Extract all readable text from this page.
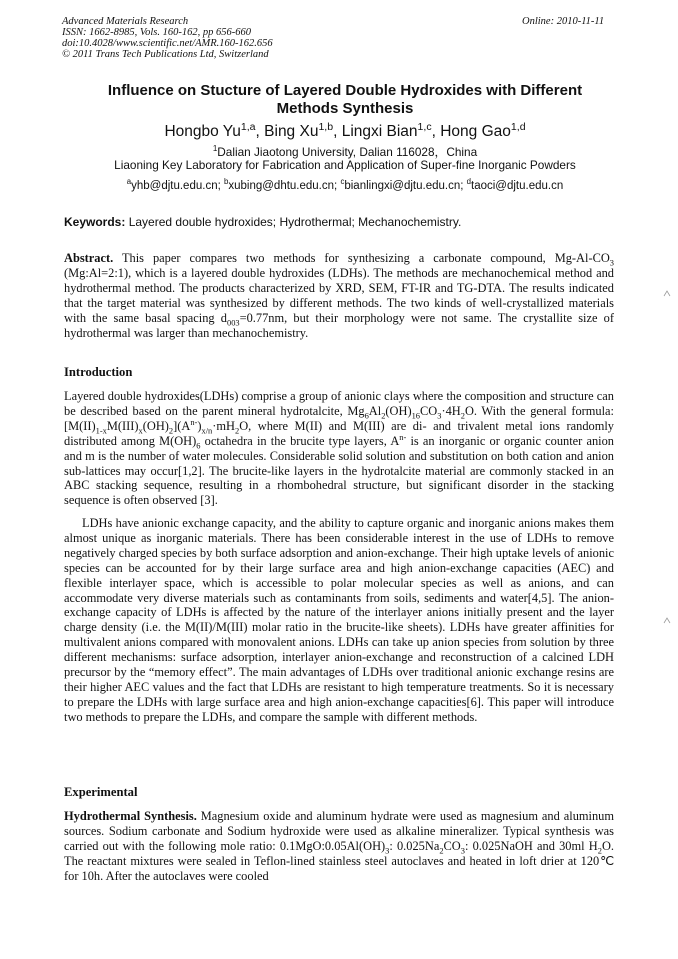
Advanced Materials Research
ISSN: 1662-8985, Vols. 160-162, pp 656-660
doi:10.4028/www.scientific.net/AMR.160-162.656
© 2011 Trans Tech Publications Ltd, Switzerland
Online: 2010-11-11
Influence on Stucture of Layered Double Hydroxides with Different
Methods Synthesis
Hongbo Yu$^{1,a}$, Bing Xu$^{1,b}$, Lingxi Bian$^{1,c}$, Hong Gao$^{1,d}$
$^1$Dalian Jiaotong University, Dalian 116028，China
Liaoning Key Laboratory for Fabrication and Application of Super-fine Inorganic Powders
$^a$yhb@djtu.edu.cn; $^b$xubing@dhtu.edu.cn; $^c$bianlingxi@djtu.edu.cn; $^d$taoci@djtu.edu.cn
Keywords: Layered double hydroxides; Hydrothermal; Mechanochemistry.
Abstract. This paper compares two methods for synthesizing a carbonate compound, $Mg-Al-CO_3$ (Mg:Al=2:1), which is a layered double hydroxides (LDHs). The methods are mechanochemical method and hydrothermal method. The products characterized by XRD, SEM, FT-IR and TG-DTA. The results indicated that the target material was synthesized by different methods. The two kinds of well-crystallized materials with the same basal spacing $d_{003}=0.77nm$, but their morphology were not same. The crystallite size of hydrothermal was larger than mechanochemistry.
Introduction
Layered double hydroxides(LDHs) comprise a group of anionic clays where the composition and structure can be described based on the parent mineral hydrotalcite, $Mg_6Al_2(OH)_{16}CO_3\cdot 4H_2O$. With the general formula: $[M(II)_{1-x}M(III)_x(OH)_2](A^{n-})_{x/n}\cdot mH_2O$, where M(II) and M(III) are di- and trivalent metal ions randomly distributed among $M(OH)_6$ octahedra in the brucite type layers, $A^{n-}$ is an inorganic or organic counter anion and m is the number of water molecules. Considerable solid solution and substitution on both cation and anion sub-lattices may occur[1,2]. The brucite-like layers in the hydrotalcite material are commonly stacked in an ABC stacking sequence, resulting in a rhombohedral structure, but significant disorder in the stacking sequence is often observed [3].
LDHs have anionic exchange capacity, and the ability to capture organic and inorganic anions makes them almost unique as inorganic materials. There has been considerable interest in the use of LDHs to remove negatively charged species by both surface adsorption and anion-exchange. Their high uptake levels of anionic species can be accounted for by their large surface area and high anion-exchange capacities (AEC) and flexible interlayer space, which is accessible to polar molecular species as well as anions, and can accommodate very diverse materials such as contaminants from soils, sediments and water[4,5]. The anion-exchange capacity of LDHs is affected by the nature of the interlayer anions initially present and the layer charge density (i.e. the M(II)/M(III) molar ratio in the brucite-like sheets). LDHs have greater affinities for multivalent anions compared with monovalent anions. LDHs can take up anion species from solution by three different mechanisms: surface adsorption, interlayer anion-exchange and reconstruction of a calcined LDH precursor by the “memory effect”. The main advantages of LDHs over traditional anionic exchange resins are their higher AEC values and the fact that LDHs are resistant to high temperature treatments. So it is necessary to prepare the LDHs with large surface area and high anion-exchange capacities[6]. This paper will introduce two methods to prepare the LDHs, and compare the sample with different methods.
Experimental
Hydrothermal Synthesis. Magnesium oxide and aluminum hydrate were used as magnesium and aluminum sources. Sodium carbonate and Sodium hydroxide were used as alkaline mineralizer. Typical synthesis was carried out with the following mole ratio: $0.1MgO:0.05Al(OH)_3$: $0.025Na_2CO_3$: 0.025NaOH and 30ml $H_2O$. The reactant mixtures were sealed in Teflon-lined stainless steel autoclaves and heated in loft drier at 120℃ for 10h. After the autoclaves were cooled
